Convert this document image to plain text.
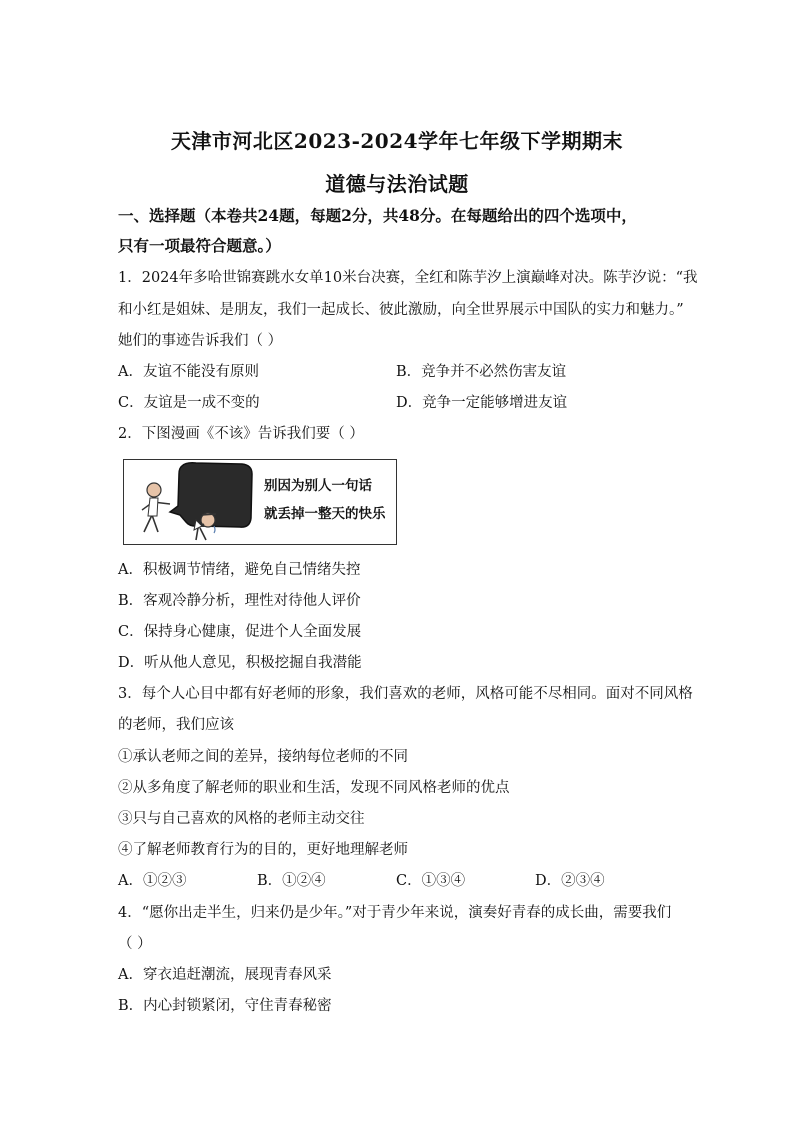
天津市河北区2023-2024学年七年级下学期期末
道德与法治试题
一、选择题（本卷共24题，每题2分，共48分。在每题给出的四个选项中，
只有一项最符合题意。）
1．2024年多哈世锦赛跳水女单10米台决赛，全红和陈芋汐上演巅峰对决。陈芋汐说：“我
和小红是姐妹、是朋友，我们一起成长、彼此激励，向全世界展示中国队的实力和魅力。”
她们的事迹告诉我们（ ）
A．友谊不能没有原则	B．竞争并不必然伤害友谊
C．友谊是一成不变的	D．竞争一定能够增进友谊
2．下图漫画《不该》告诉我们要（ ）
别因为别人一句话
就丢掉一整天的快乐
A．积极调节情绪，避免自己情绪失控
B．客观冷静分析，理性对待他人评价
C．保持身心健康，促进个人全面发展
D．听从他人意见，积极挖掘自我潜能
3．每个人心目中都有好老师的形象，我们喜欢的老师，风格可能不尽相同。面对不同风格
的老师，我们应该
①承认老师之间的差异，接纳每位老师的不同
②从多角度了解老师的职业和生活，发现不同风格老师的优点
③只与自己喜欢的风格的老师主动交往
④了解老师教育行为的目的，更好地理解老师
A．①②③	B．①②④	C．①③④	D．②③④
4．“愿你出走半生，归来仍是少年。”对于青少年来说，演奏好青春的成长曲，需要我们
（ ）
A．穿衣追赶潮流，展现青春风采
B．内心封锁紧闭，守住青春秘密
